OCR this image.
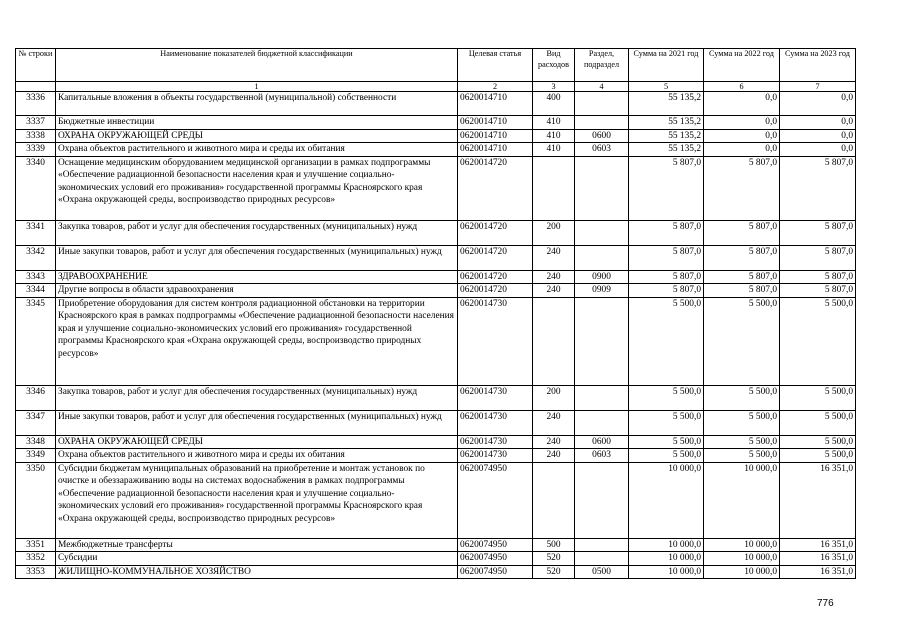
№ строки	Наименование показателей бюджетной классификации	Целевая статья	Вид расходов	Раздел, подраздел	Сумма на 2021 год	Сумма на 2022 год	Сумма на 2023 год
	1	2	3	4	5	6	7
3336	Капитальные вложения в объекты государственной (муниципальной) собственности	0620014710	400		55 135,2	0,0	0,0
3337	Бюджетные инвестиции	0620014710	410		55 135,2	0,0	0,0
3338	ОХРАНА ОКРУЖАЮЩЕЙ СРЕДЫ	0620014710	410	0600	55 135,2	0,0	0,0
3339	Охрана объектов растительного и животного мира и среды их обитания	0620014710	410	0603	55 135,2	0,0	0,0
3340	Оснащение медицинским оборудованием медицинской организации в рамках подпрограммы «Обеспечение радиационной безопасности населения края и улучшение социально-экономических условий его проживания» государственной программы Красноярского края «Охрана окружающей среды, воспроизводство природных ресурсов»	0620014720			5 807,0	5 807,0	5 807,0
3341	Закупка товаров, работ и услуг для обеспечения государственных (муниципальных) нужд	0620014720	200		5 807,0	5 807,0	5 807,0
3342	Иные закупки товаров, работ и услуг для обеспечения государственных (муниципальных) нужд	0620014720	240		5 807,0	5 807,0	5 807,0
3343	ЗДРАВООХРАНЕНИЕ	0620014720	240	0900	5 807,0	5 807,0	5 807,0
3344	Другие вопросы в области здравоохранения	0620014720	240	0909	5 807,0	5 807,0	5 807,0
3345	Приобретение оборудования для систем контроля радиационной обстановки на территории Красноярского края в рамках подпрограммы «Обеспечение радиационной безопасности населения края и улучшение социально-экономических условий его проживания» государственной программы Красноярского края «Охрана окружающей среды, воспроизводство природных ресурсов»	0620014730			5 500,0	5 500,0	5 500,0
3346	Закупка товаров, работ и услуг для обеспечения государственных (муниципальных) нужд	0620014730	200		5 500,0	5 500,0	5 500,0
3347	Иные закупки товаров, работ и услуг для обеспечения государственных (муниципальных) нужд	0620014730	240		5 500,0	5 500,0	5 500,0
3348	ОХРАНА ОКРУЖАЮЩЕЙ СРЕДЫ	0620014730	240	0600	5 500,0	5 500,0	5 500,0
3349	Охрана объектов растительного и животного мира и среды их обитания	0620014730	240	0603	5 500,0	5 500,0	5 500,0
3350	Субсидии бюджетам муниципальных образований на приобретение и монтаж установок по очистке и обеззараживанию воды на системах водоснабжения в рамках подпрограммы «Обеспечение радиационной безопасности населения края и улучшение социально-экономических условий его проживания» государственной программы Красноярского края «Охрана окружающей среды, воспроизводство природных ресурсов»	0620074950			10 000,0	10 000,0	16 351,0
3351	Межбюджетные трансферты	0620074950	500		10 000,0	10 000,0	16 351,0
3352	Субсидии	0620074950	520		10 000,0	10 000,0	16 351,0
3353	ЖИЛИЩНО-КОММУНАЛЬНОЕ ХОЗЯЙСТВО	0620074950	520	0500	10 000,0	10 000,0	16 351,0
776
